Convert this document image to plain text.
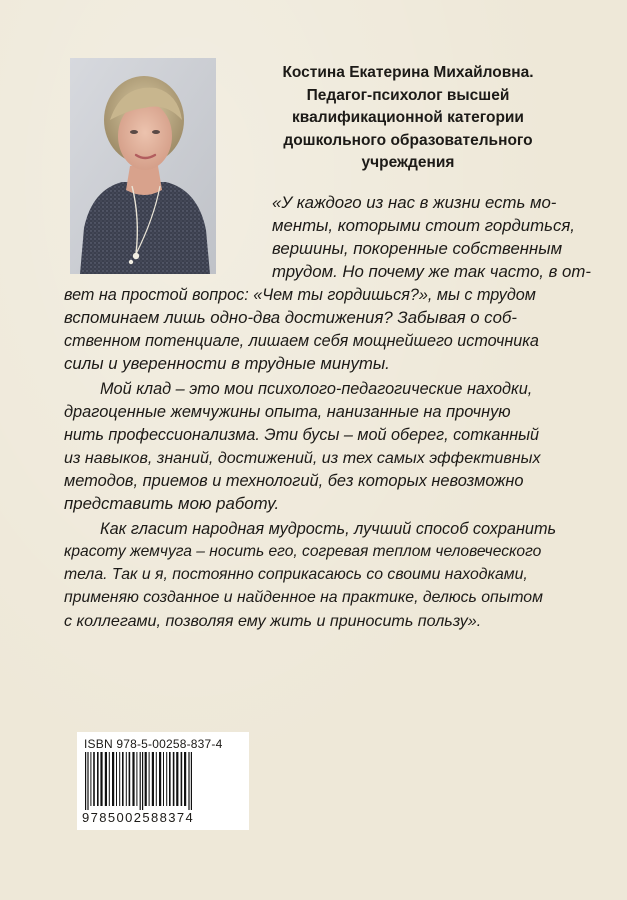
Костина Екатерина Михайловна.
Педагог-психолог высшей
квалификационной категории
дошкольного образовательного
учреждения
«У каждого из нас в жизни есть мо-
менты, которыми стоит гордиться,
вершины, покоренные собственным
трудом. Но почему же так часто, в от-
вет на простой вопрос: «Чем ты гордишься?», мы с трудом
вспоминаем лишь одно-два достижения? Забывая о соб-
ственном потенциале, лишаем себя мощнейшего источника
силы и уверенности в трудные минуты.
Мой клад – это мои психолого-педагогические находки,
драгоценные жемчужины опыта, нанизанные на прочную
нить профессионализма. Эти бусы – мой оберег, сотканный
из навыков, знаний, достижений, из тех самых эффективных
методов, приемов и технологий, без которых невозможно
представить мою работу.
Как гласит народная мудрость, лучший способ сохранить
красоту жемчуга – носить его, согревая теплом человеческого
тела. Так и я, постоянно соприкасаюсь со своими находками,
применяю созданное и найденное на практике, делюсь опытом
с коллегами, позволяя ему жить и приносить пользу».
ISBN 978-5-00258-837-4
9785002588374
